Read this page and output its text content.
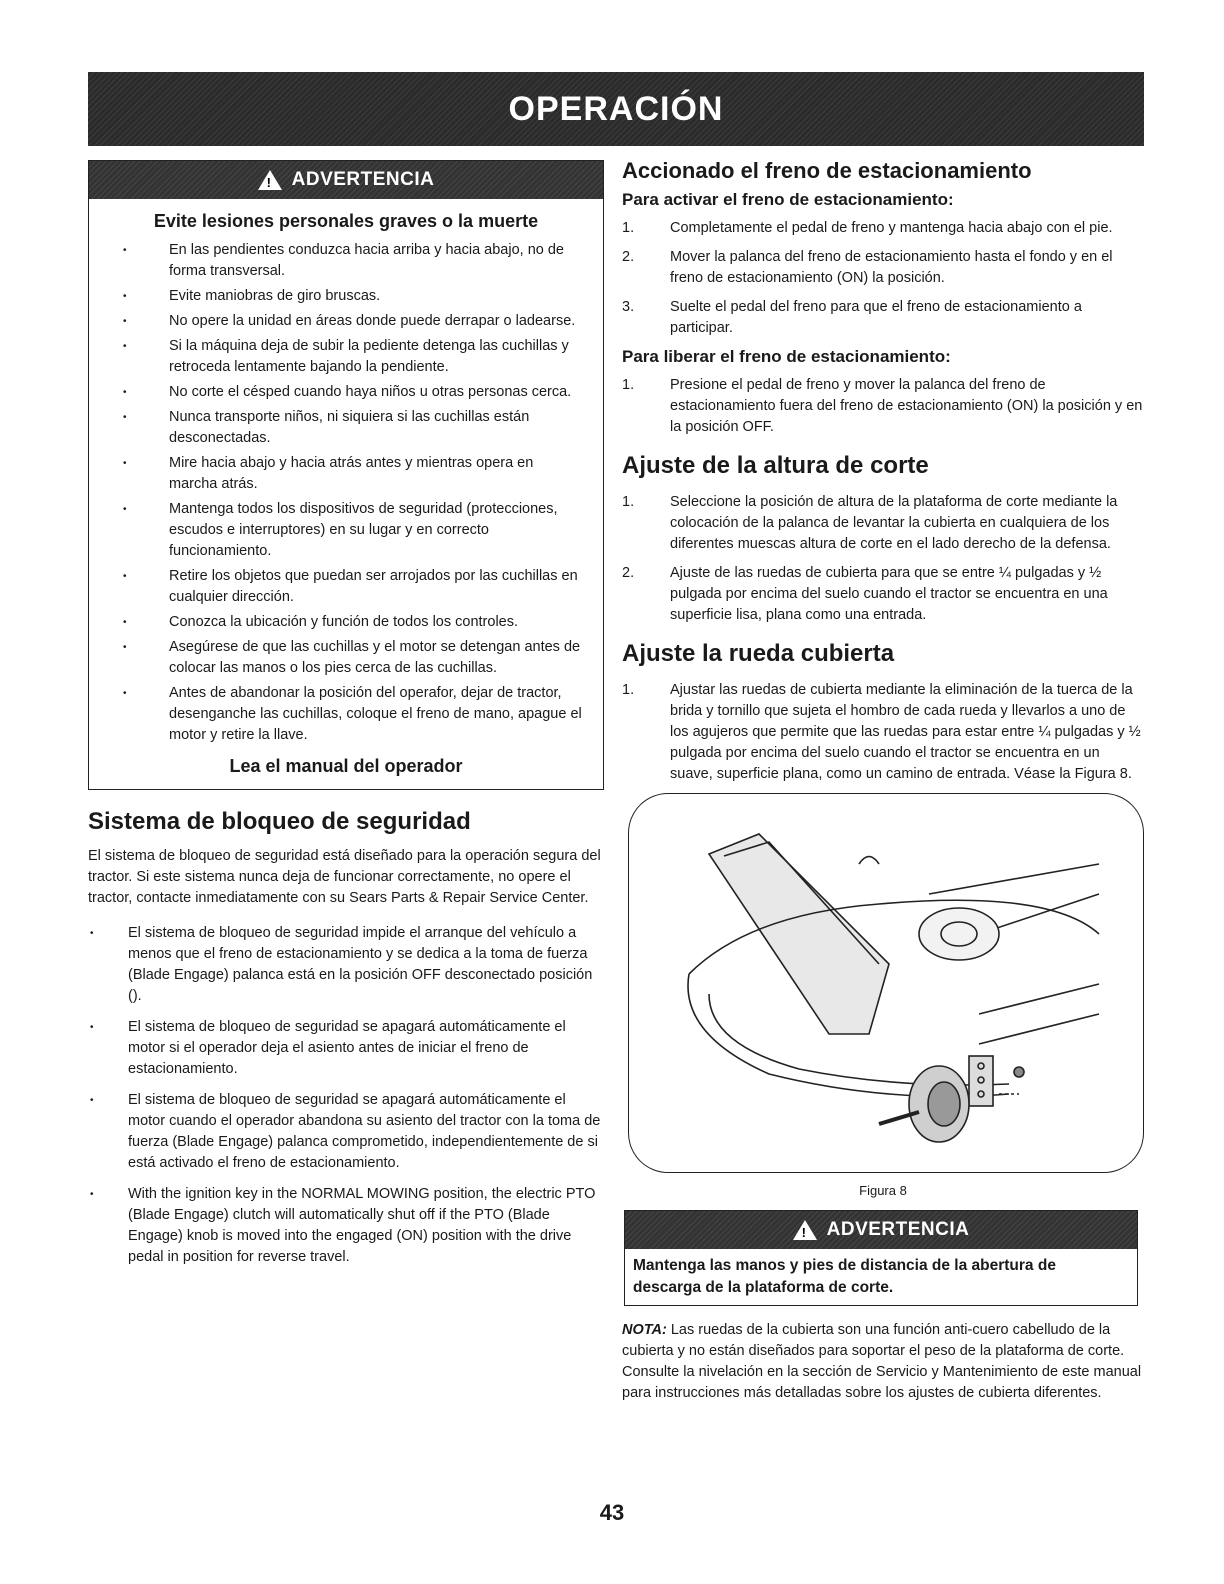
OPERACIÓN
! ADVERTENCIA
Evite lesiones personales graves o la muerte
• En las pendientes conduzca hacia arriba y hacia abajo, no de forma transversal.
• Evite maniobras de giro bruscas.
• No opere la unidad en áreas donde puede derrapar o ladearse.
• Si la máquina deja de subir la pediente detenga las cuchillas y retroceda lentamente bajando la pendiente.
• No corte el césped cuando haya niños u otras personas cerca.
• Nunca transporte niños, ni siquiera si las cuchillas están desconectadas.
• Mire hacia abajo y hacia atrás antes y mientras opera en marcha atrás.
• Mantenga todos los dispositivos de seguridad (protecciones, escudos e interruptores) en su lugar y en correcto funcionamiento.
• Retire los objetos que puedan ser arrojados por las cuchillas en cualquier dirección.
• Conozca la ubicación y función de todos los controles.
• Asegúrese de que las cuchillas y el motor se detengan antes de colocar las manos o los pies cerca de las cuchillas.
• Antes de abandonar la posición del operafor, dejar de tractor, desenganche las cuchillas, coloque el freno de mano, apague el motor y retire la llave.
Lea el manual del operador
Sistema de bloqueo de seguridad

El sistema de bloqueo de seguridad está diseñado para la operación segura del tractor. Si este sistema nunca deja de funcionar correctamente, no opere el tractor, contacte inmediatamente con su Sears Parts & Repair Service Center.

• El sistema de bloqueo de seguridad impide el arranque del vehículo a menos que el freno de estacionamiento y se dedica a la toma de fuerza (Blade Engage) palanca está en la posición OFF desconectado posición ().
• El sistema de bloqueo de seguridad se apagará automáticamente el motor si el operador deja el asiento antes de iniciar el freno de estacionamiento.
• El sistema de bloqueo de seguridad se apagará automáticamente el motor cuando el operador abandona su asiento del tractor con la toma de fuerza (Blade Engage) palanca comprometido, independientemente de si está activado el freno de estacionamiento.
• With the ignition key in the NORMAL MOWING position, the electric PTO (Blade Engage) clutch will automatically shut off if the PTO (Blade Engage) knob is moved into the engaged (ON) position with the drive pedal in position for reverse travel.
Accionado el freno de estacionamiento
Para activar el freno de estacionamiento:
1. Completamente el pedal de freno y mantenga hacia abajo con el pie.
2. Mover la palanca del freno de estacionamiento hasta el fondo y en el freno de estacionamiento (ON) la posición.
3. Suelte el pedal del freno para que el freno de estacionamiento a participar.
Para liberar el freno de estacionamiento:
1. Presione el pedal de freno y mover la palanca del freno de estacionamiento fuera del freno de estacionamiento (ON) la posición y en la posición OFF.
Ajuste de la altura de corte
1. Seleccione la posición de altura de la plataforma de corte mediante la colocación de la palanca de levantar la cubierta en cualquiera de los diferentes muescas altura de corte en el lado derecho de la defensa.
2. Ajuste de las ruedas de cubierta para que se entre ¼ pulgadas y ½ pulgada por encima del suelo cuando el tractor se encuentra en una superficie lisa, plana como una entrada.
Ajuste la rueda cubierta
1. Ajustar las ruedas de cubierta mediante la eliminación de la tuerca de la brida y tornillo que sujeta el hombro de cada rueda y llevarlos a uno de los agujeros que permite que las ruedas para estar entre ¼ pulgadas y ½ pulgada por encima del suelo cuando el tractor se encuentra en un suave, superficie plana, como un camino de entrada. Véase la Figura 8.
Figura 8
! ADVERTENCIA
Mantenga las manos y pies de distancia de la abertura de descarga de la plataforma de corte.
NOTA: Las ruedas de la cubierta son una función anti-cuero cabelludo de la cubierta y no están diseñados para soportar el peso de la plataforma de corte. Consulte la nivelación en la sección de Servicio y Mantenimiento de este manual para instrucciones más detalladas sobre los ajustes de cubierta diferentes.
43
